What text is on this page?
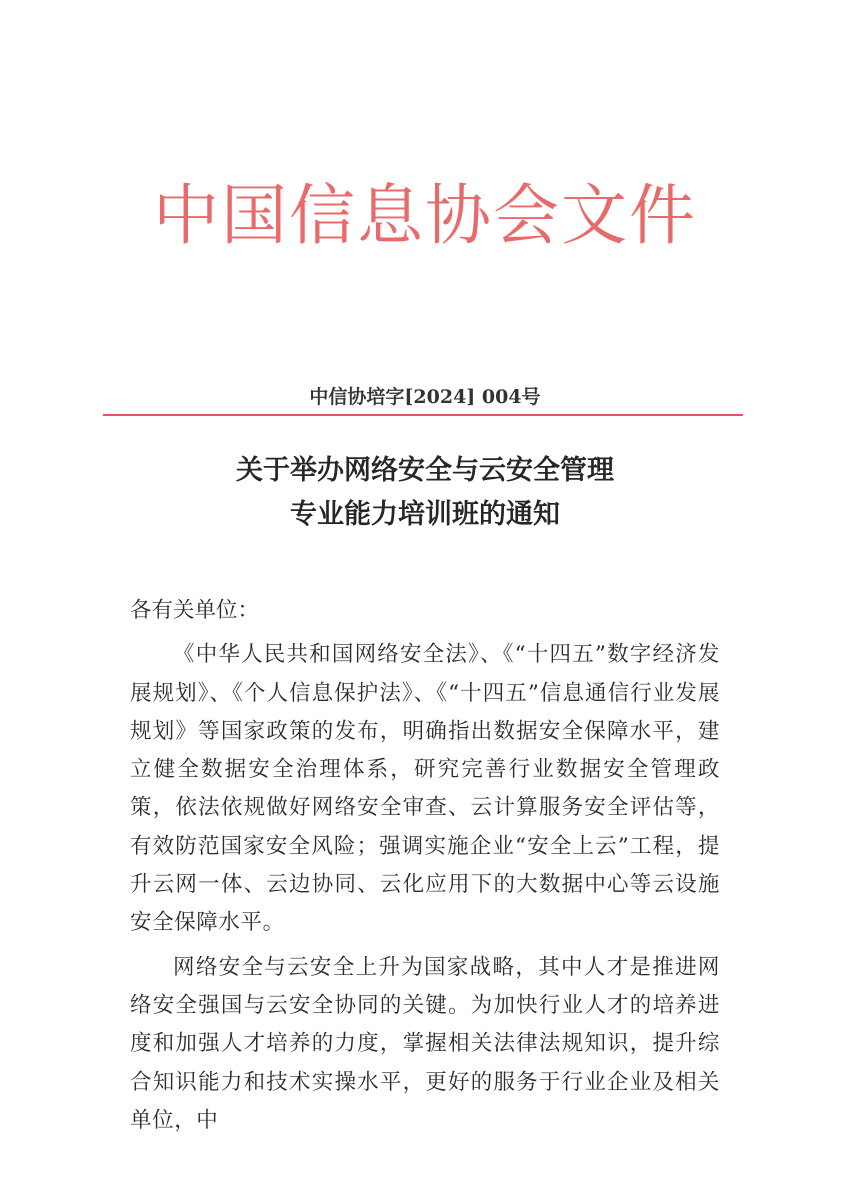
中国信息协会文件
中信协培字[2024] 004号
关于举办网络安全与云安全管理
专业能力培训班的通知

各有关单位：

《中华人民共和国网络安全法》、《“十四五”数字经济发展规划》、《个人信息保护法》、《“十四五”信息通信行业发展规划》等国家政策的发布，明确指出数据安全保障水平，建立健全数据安全治理体系，研究完善行业数据安全管理政策，依法依规做好网络安全审查、云计算服务安全评估等，有效防范国家安全风险；强调实施企业“安全上云”工程，提升云网一体、云边协同、云化应用下的大数据中心等云设施安全保障水平。

网络安全与云安全上升为国家战略，其中人才是推进网络安全强国与云安全协同的关键。为加快行业人才的培养进度和加强人才培养的力度，掌握相关法律法规知识，提升综合知识能力和技术实操水平，更好的服务于行业企业及相关单位，中
